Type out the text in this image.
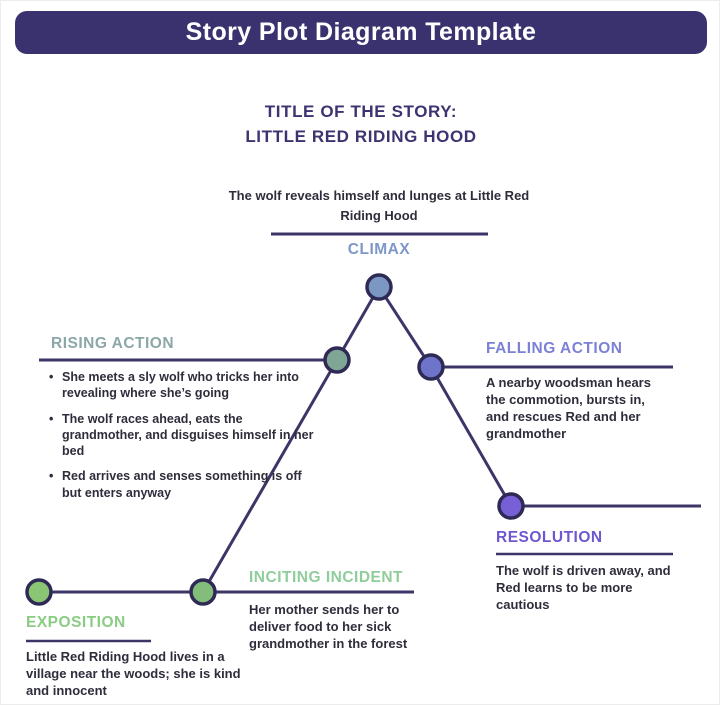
Story Plot Diagram Template
TITLE OF THE STORY:
LITTLE RED RIDING HOOD
The wolf reveals himself and lunges at Little Red Riding Hood
CLIMAX
RISING ACTION
• She meets a sly wolf who tricks her into revealing where she’s going
• The wolf races ahead, eats the grandmother, and disguises himself in her bed
• Red arrives and senses something is off but enters anyway
FALLING ACTION
A nearby woodsman hears the commotion, bursts in, and rescues Red and her grandmother
RESOLUTION
The wolf is driven away, and Red learns to be more cautious
INCITING INCIDENT
Her mother sends her to deliver food to her sick grandmother in the forest
EXPOSITION
Little Red Riding Hood lives in a village near the woods; she is kind and innocent
